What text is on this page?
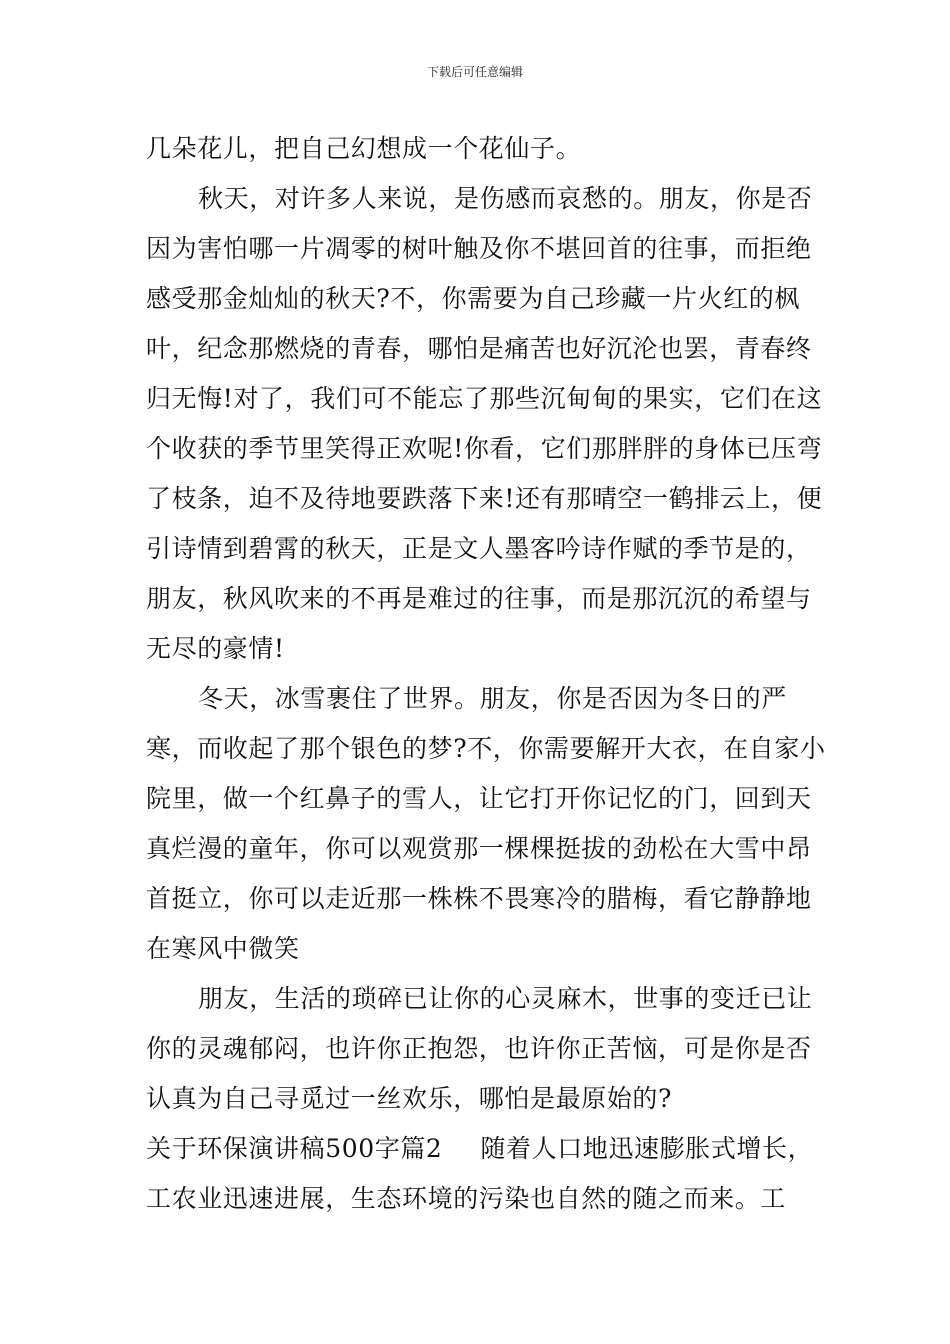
下载后可任意编辑

几朵花儿，把自己幻想成一个花仙子。

秋天，对许多人来说，是伤感而哀愁的。朋友，你是否因为害怕哪一片凋零的树叶触及你不堪回首的往事，而拒绝感受那金灿灿的秋天?不，你需要为自己珍藏一片火红的枫叶，纪念那燃烧的青春，哪怕是痛苦也好沉沦也罢，青春终归无悔!对了，我们可不能忘了那些沉甸甸的果实，它们在这个收获的季节里笑得正欢呢!你看，它们那胖胖的身体已压弯了枝条，迫不及待地要跌落下来!还有那晴空一鹤排云上，便引诗情到碧霄的秋天，正是文人墨客吟诗作赋的季节是的，朋友，秋风吹来的不再是难过的往事，而是那沉沉的希望与无尽的豪情!

冬天，冰雪裹住了世界。朋友，你是否因为冬日的严寒，而收起了那个银色的梦?不，你需要解开大衣，在自家小院里，做一个红鼻子的雪人，让它打开你记忆的门，回到天真烂漫的童年，你可以观赏那一棵棵挺拔的劲松在大雪中昂首挺立，你可以走近那一株株不畏寒冷的腊梅，看它静静地在寒风中微笑

朋友，生活的琐碎已让你的心灵麻木，世事的变迁已让你的灵魂郁闷，也许你正抱怨，也许你正苦恼，可是你是否认真为自己寻觅过一丝欢乐，哪怕是最原始的?

关于环保演讲稿500字篇2 随着人口地迅速膨胀式增长，工农业迅速进展，生态环境的污染也自然的随之而来。工
